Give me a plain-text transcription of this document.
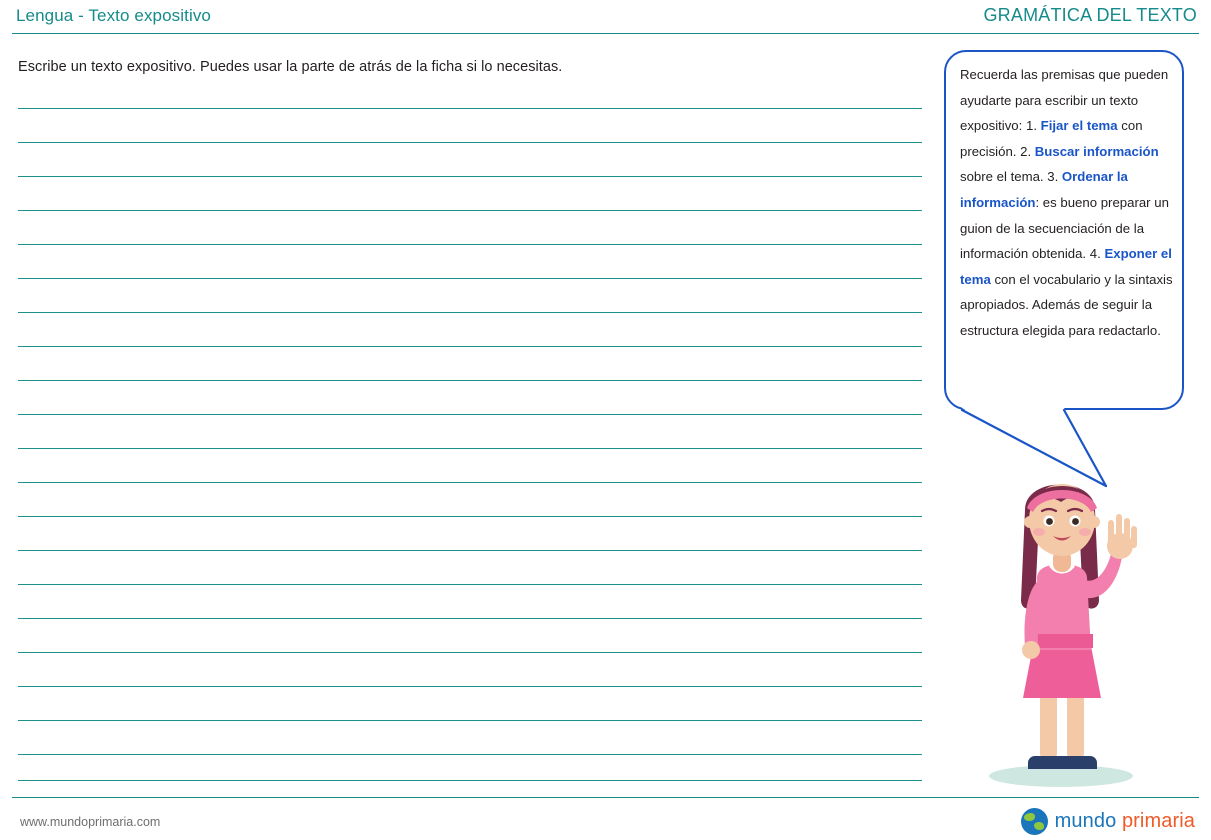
Lengua - Texto expositivo	GRAMÁTICA DEL TEXTO
Escribe un texto expositivo. Puedes usar la parte de atrás de la ficha si lo necesitas.	Recuerda las premisas que pueden ayudarte para escribir un texto expositivo: 1. Fijar el tema con precisión. 2. Buscar información sobre el tema. 3. Ordenar la información: es bueno preparar un guion de la secuenciación de la información obtenida. 4. Exponer el tema con el vocabulario y la sintaxis apropiados. Además de seguir la estructura elegida para redactarlo.
www.mundoprimaria.com	mundo primaria
